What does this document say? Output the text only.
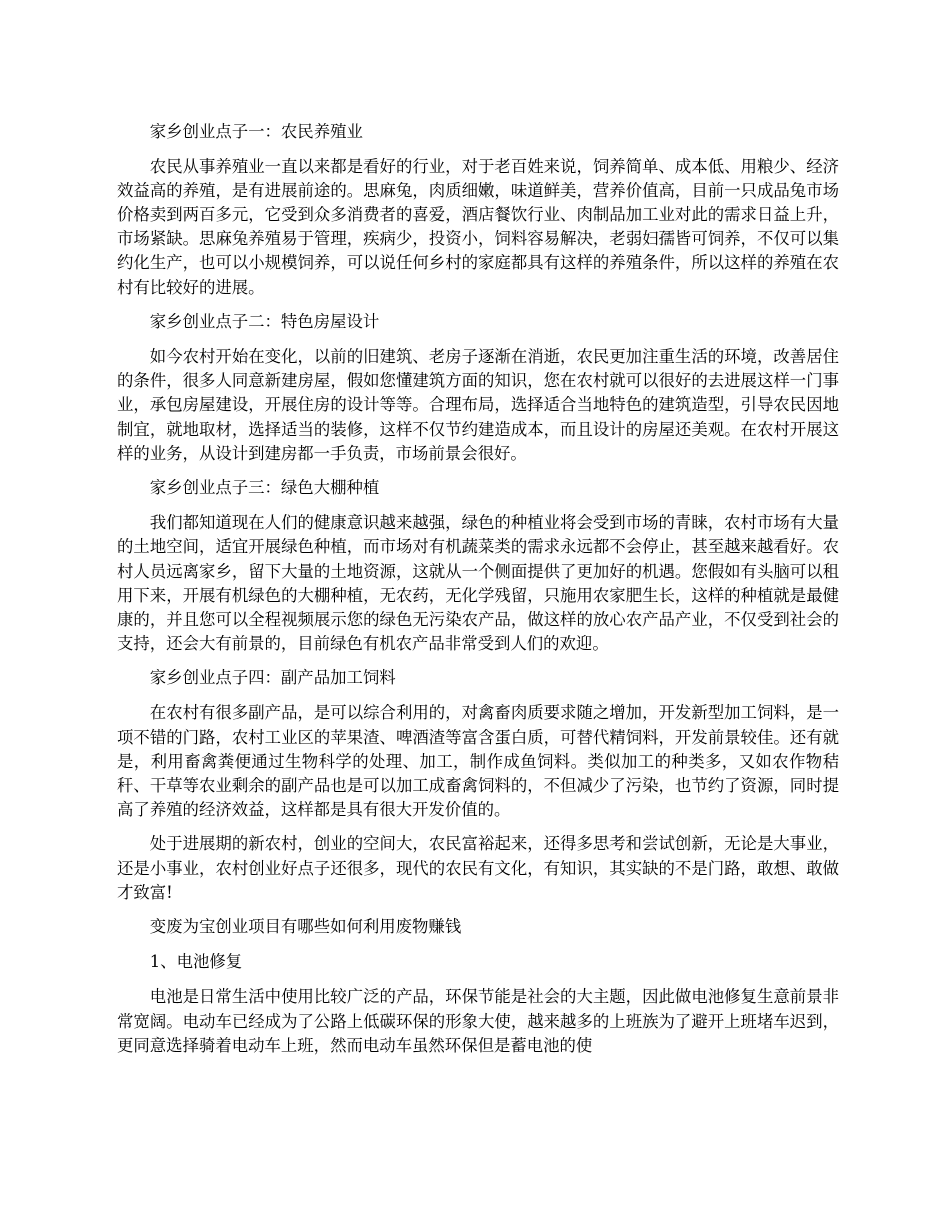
家乡创业点子一：农民养殖业

农民从事养殖业一直以来都是看好的行业，对于老百姓来说，饲养简单、成本低、用粮少、经济效益高的养殖，是有进展前途的。思麻兔，肉质细嫩，味道鲜美，营养价值高，目前一只成品兔市场价格卖到两百多元，它受到众多消费者的喜爱，酒店餐饮行业、肉制品加工业对此的需求日益上升，市场紧缺。思麻兔养殖易于管理，疾病少，投资小，饲料容易解决，老弱妇孺皆可饲养，不仅可以集约化生产，也可以小规模饲养，可以说任何乡村的家庭都具有这样的养殖条件，所以这样的养殖在农村有比较好的进展。

家乡创业点子二：特色房屋设计

如今农村开始在变化，以前的旧建筑、老房子逐渐在消逝，农民更加注重生活的环境，改善居住的条件，很多人同意新建房屋，假如您懂建筑方面的知识，您在农村就可以很好的去进展这样一门事业，承包房屋建设，开展住房的设计等等。合理布局，选择适合当地特色的建筑造型，引导农民因地制宜，就地取材，选择适当的装修，这样不仅节约建造成本，而且设计的房屋还美观。在农村开展这样的业务，从设计到建房都一手负责，市场前景会很好。

家乡创业点子三：绿色大棚种植

我们都知道现在人们的健康意识越来越强，绿色的种植业将会受到市场的青睐，农村市场有大量的土地空间，适宜开展绿色种植，而市场对有机蔬菜类的需求永远都不会停止，甚至越来越看好。农村人员远离家乡，留下大量的土地资源，这就从一个侧面提供了更加好的机遇。您假如有头脑可以租用下来，开展有机绿色的大棚种植，无农药，无化学残留，只施用农家肥生长，这样的种植就是最健康的，并且您可以全程视频展示您的绿色无污染农产品，做这样的放心农产品产业，不仅受到社会的支持，还会大有前景的，目前绿色有机农产品非常受到人们的欢迎。

家乡创业点子四：副产品加工饲料

在农村有很多副产品，是可以综合利用的，对禽畜肉质要求随之增加，开发新型加工饲料，是一项不错的门路，农村工业区的苹果渣、啤酒渣等富含蛋白质，可替代精饲料，开发前景较佳。还有就是，利用畜禽粪便通过生物科学的处理、加工，制作成鱼饲料。类似加工的种类多，又如农作物秸秆、干草等农业剩余的副产品也是可以加工成畜禽饲料的，不但减少了污染，也节约了资源，同时提高了养殖的经济效益，这样都是具有很大开发价值的。

处于进展期的新农村，创业的空间大，农民富裕起来，还得多思考和尝试创新，无论是大事业，还是小事业，农村创业好点子还很多，现代的农民有文化，有知识，其实缺的不是门路，敢想、敢做才致富!

变废为宝创业项目有哪些如何利用废物赚钱

1、电池修复

电池是日常生活中使用比较广泛的产品，环保节能是社会的大主题，因此做电池修复生意前景非常宽阔。电动车已经成为了公路上低碳环保的形象大使，越来越多的上班族为了避开上班堵车迟到，更同意选择骑着电动车上班，然而电动车虽然环保但是蓄电池的使
